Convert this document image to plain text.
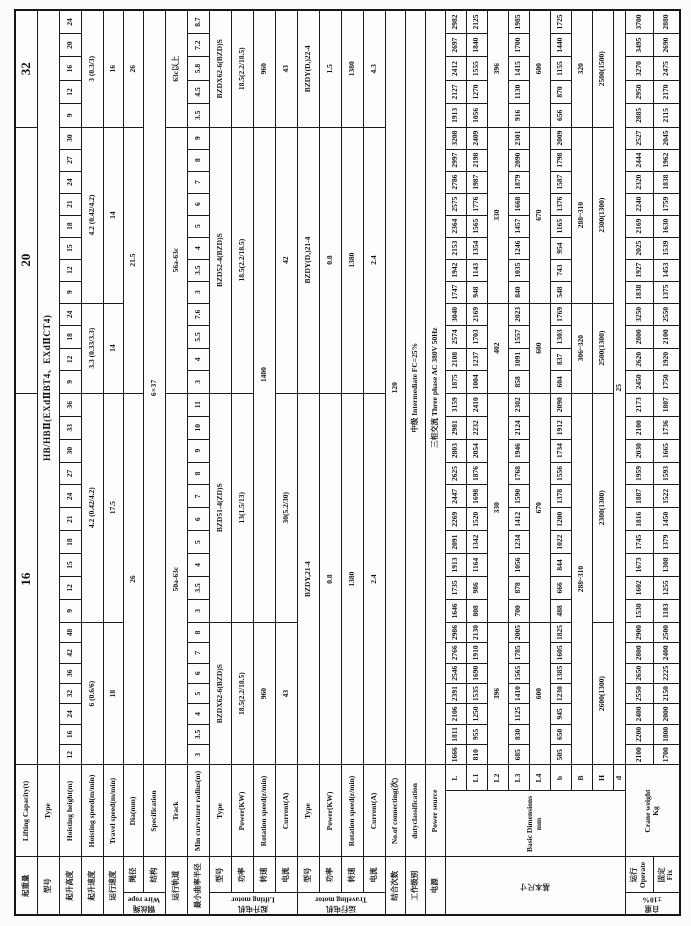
起重量		Lifting Capacity(t)		16																	20												32				
型号		Type		HB/HBⅡ(EXdⅡBT4、EXdⅡCT4)																																	
起升高度		Hoisting height(m)		12	16	24	32	36	42	48	9	12	15	18	21	24	27	30	33	36	9	12	18	24	9	12	15	18	21	24	27	30	9	12	16	20	24
起升速度		Hoisting speed(m/min)		6 (0.6/6)							4.2 (0.42/4.2)										3.3 (0.33/3.3)				4.2 (0.42/4.2)								3 (0.3/3)				
运行速度		Travel speed(m/min)		18							17.5										14				14								16				

钢丝绳
Wire rope	绳径	Dia(mm)		26																	21.5												26				
	结构	Specification		6×37																																	
运行轨道		Track		50a-63c																	56a-63c												63c以上				
最小曲率半径		Min curvature radius(m)		3	3.5	4	5	6	7	8	3	3.5	4	5	6	7	8	9	10	11	3	4	5.5	7.6	3	3.5	4	5	6	7	8	9	3.5	4.5	5.8	7.2	8.7

起升电机
Lifting motor	型号	Type		BZDX62-6(BZD)S							BZD51-4(ZD)S										BZD52-4(BZD)S												BZDX62-6(BZD)S				
	功率	Power(KW)		18.5(2.2/18.5)							13(1.5/13)										18.5(2.2/18.5)												18.5(2.2/18.5)				
	转速	Rotation speed(r/min)		960							1400																						960				
	电流	Current(A)		43							30(5.2/30)										42												43				

运行电机
Traveling motor	型号	Type		BZDY,21-4																	BZDY(D,)21-4												BZDY(D,)22-4				
	功率	Power(KW)		0.8																	0.8												1.5				
	转速	Rotation speed(r/min)		1380																	1380												1380				
	电流	Current(A)		2.4																	2.4												4.3				
结合次数		No.of connecting(次)		120																																	
工作级别		dutyclassification		中级 Intermediate FC=25%																																	
电源		Power source		三相交流 Three phase AC 380V 50Hz																																	

基本尺寸		Basic Dimensions mm	L	1666	1811	2106	2391	2546	2766	2986	1646	1735	1913	2091	2269	2447	2625	2803	2981	3159	1875	2108	2574	3040	1747	1942	2153	2364	2575	2786	2997	3208	1913	2127	2412	2697	2982
			L1	810	955	1250	1535	1690	1910	2130	808	986	1164	1342	1520	1698	1876	2054	2232	2410	1004	1237	1703	2169	948	1143	1354	1565	1776	1987	2198	2409	1056	1270	1555	1840	2125
			L2	396							330										402				330								396				
			L3	685	830	1125	1410	1565	1785	2005	700	878	1056	1234	1412	1590	1768	1946	2124	2302	858	1091	1557	2023	840	1035	1246	1457	1668	1879	2090	2301	916	1130	1415	1700	1985
			L4	600							670										600				670								600				
			b	505	650	945	1230	1385	1605	1825	488	666	844	1022	1200	1378	1556	1734	1912	2090	604	837	1303	1769	548	743	954	1165	1376	1587	1798	2009	656	870	1155	1440	1725
			B	288~310																	306~320				288~310								320				
			H	2600(1300)							2300(1300)										2500(1300)				2300(1300)								2500(1500)				
			d	25																																	

自重
±10%

运行 Operate

Crane weight Kg
	2100	2200	2400	2550	2650	2800	2900	1530	1602	1673	1745	1816	1887	1959	2030	2100	2173	2450	2620	2800	3250	1838	1927	2025	2169	2240	2320	2444	2527	2885	2950	3270	3495	3700

	固定 Fix			1700	1800	2000	2150	2225	2400	2500	1183	1255	1308	1379	1450	1522	1593	1665	1736	1807	1750	1920	2100	2550	1375	1453	1539	1630	1759	1838	1962	2045	2115	2170	2475	2690	2880
